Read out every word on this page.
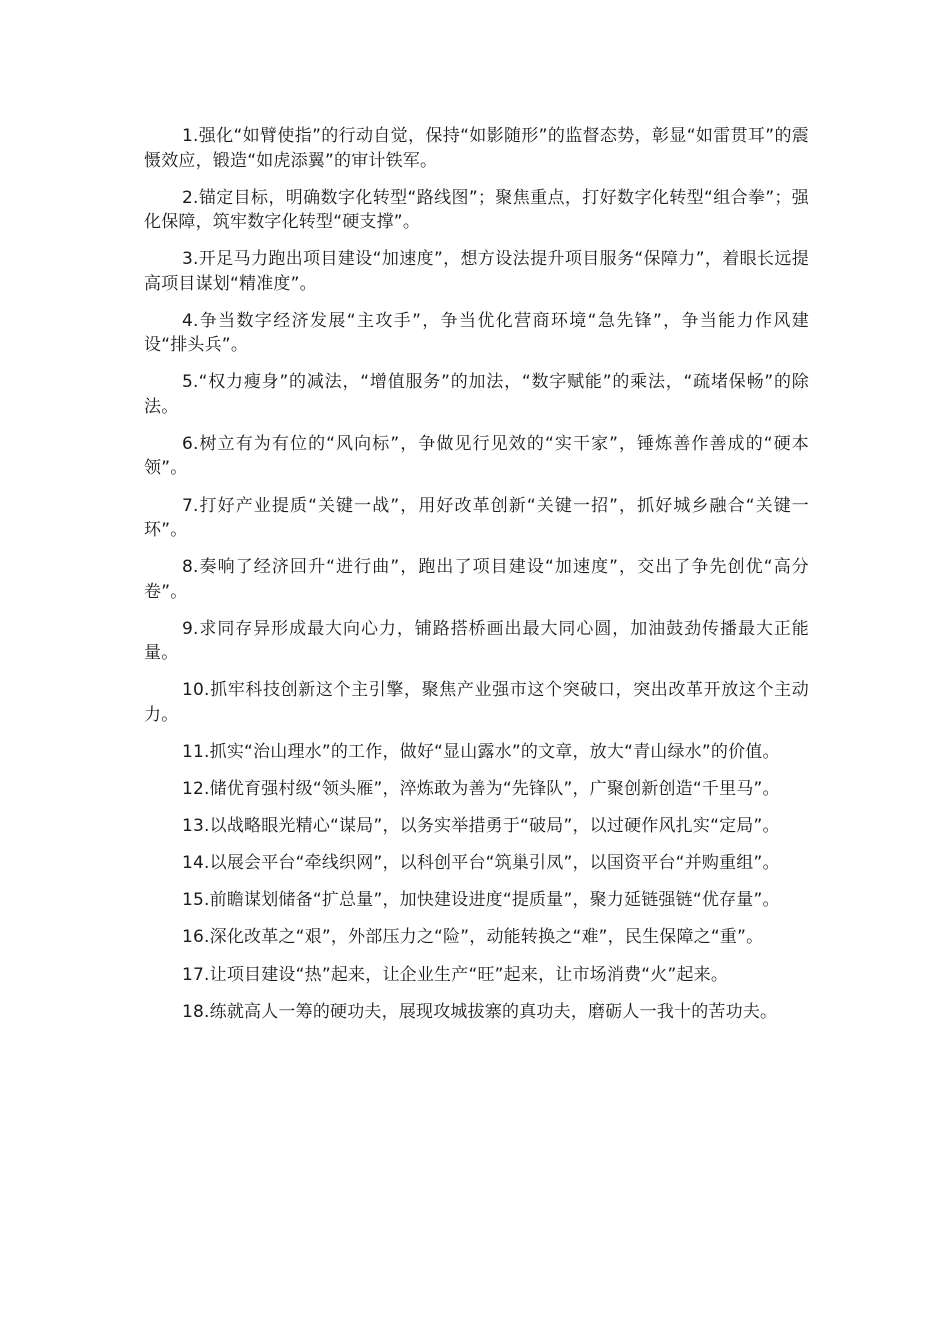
1.强化“如臂使指”的行动自觉，保持“如影随形”的监督态势，彰显“如雷贯耳”的震慑效应，锻造“如虎添翼”的审计铁军。

2.锚定目标，明确数字化转型“路线图”；聚焦重点，打好数字化转型“组合拳”；强化保障，筑牢数字化转型“硬支撑”。

3.开足马力跑出项目建设“加速度”，想方设法提升项目服务“保障力”，着眼长远提高项目谋划“精准度”。

4.争当数字经济发展“主攻手”，争当优化营商环境“急先锋”，争当能力作风建设“排头兵”。

5.“权力瘦身”的减法，“增值服务”的加法，“数字赋能”的乘法，“疏堵保畅”的除法。

6.树立有为有位的“风向标”，争做见行见效的“实干家”，锤炼善作善成的“硬本领”。

7.打好产业提质“关键一战”，用好改革创新“关键一招”，抓好城乡融合“关键一环”。

8.奏响了经济回升“进行曲”，跑出了项目建设“加速度”，交出了争先创优“高分卷”。

9.求同存异形成最大向心力，铺路搭桥画出最大同心圆，加油鼓劲传播最大正能量。

10.抓牢科技创新这个主引擎，聚焦产业强市这个突破口，突出改革开放这个主动力。

11.抓实“治山理水”的工作，做好“显山露水”的文章，放大“青山绿水”的价值。

12.储优育强村级“领头雁”，淬炼敢为善为“先锋队”，广聚创新创造“千里马”。

13.以战略眼光精心“谋局”，以务实举措勇于“破局”，以过硬作风扎实“定局”。

14.以展会平台“牵线织网”，以科创平台“筑巢引凤”，以国资平台“并购重组”。

15.前瞻谋划储备“扩总量”，加快建设进度“提质量”，聚力延链强链“优存量”。

16.深化改革之“艰”，外部压力之“险”，动能转换之“难”，民生保障之“重”。

17.让项目建设“热”起来，让企业生产“旺”起来，让市场消费“火”起来。

18.练就高人一筹的硬功夫，展现攻城拔寨的真功夫，磨砺人一我十的苦功夫。
